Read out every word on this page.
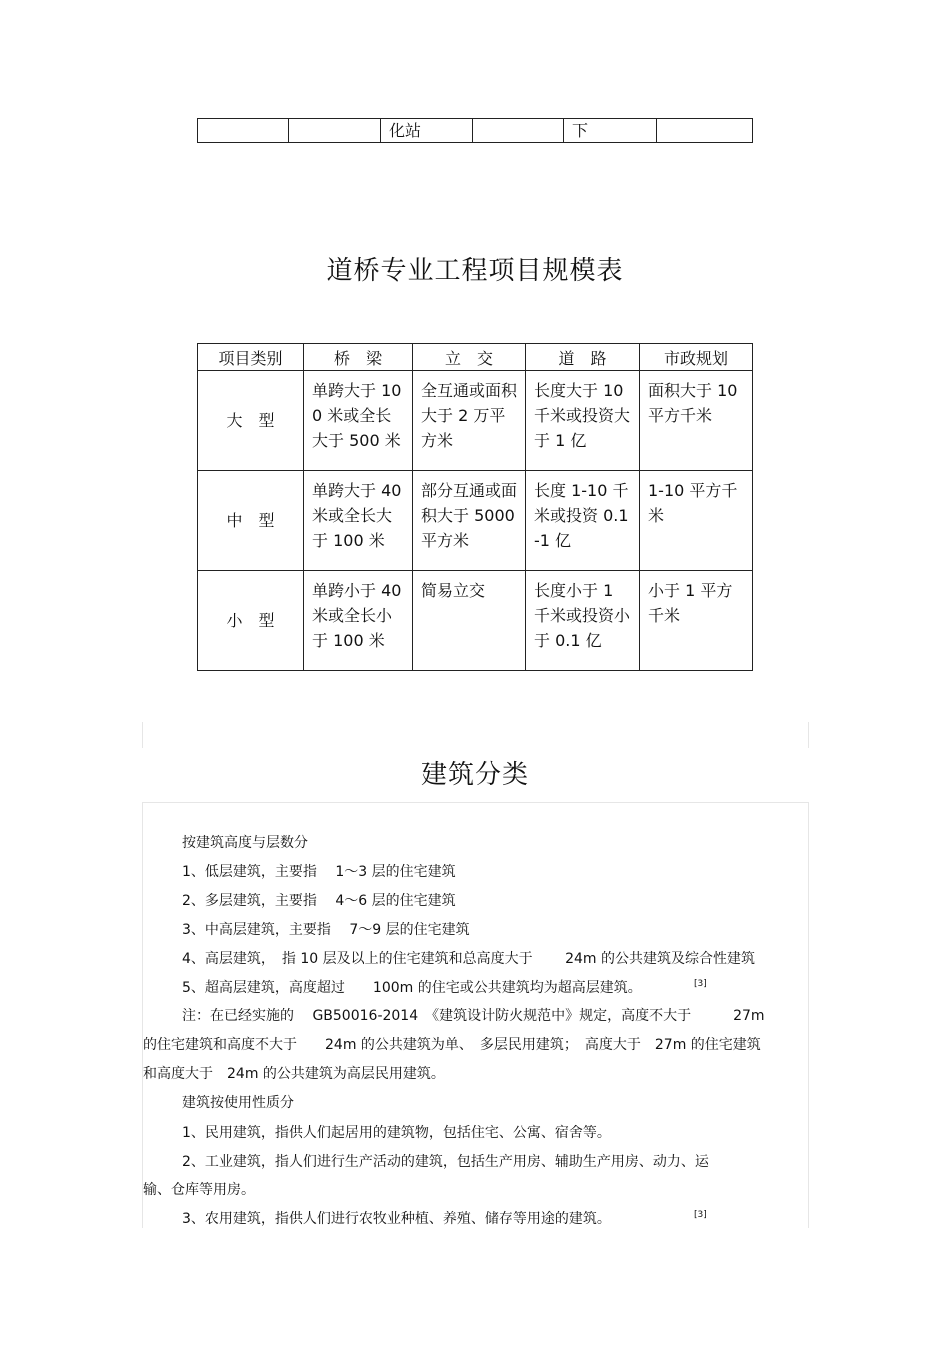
		化站		下	
道桥专业工程项目规模表
项目类别	桥　梁	立　交	道　路	市政规划
大　型	单跨大于 100 米或全长大于 500 米	全互通或面积大于 2 万平方米	长度大于 10 千米或投资大于 1 亿	面积大于 10 平方千米
中　型	单跨大于 40 米或全长大于 100 米	部分互通或面积大于 5000 平方米	长度 1-10 千米或投资 0.1-1 亿	1-10 平方千米
小　型	单跨小于 40 米或全长小于 100 米	简易立交	长度小于 1 千米或投资小于 0.1 亿	小于 1 平方千米
建筑分类
按建筑高度与层数分
1、低层建筑，主要指　 1～3 层的住宅建筑
2、多层建筑，主要指　 4～6 层的住宅建筑
3、中高层建筑，主要指　 7～9 层的住宅建筑
4、高层建筑，　指 10 层及以上的住宅建筑和总高度大于　　 24m 的公共建筑及综合性建筑
5、超高层建筑，高度超过　　100m 的住宅或公共建筑均为超高层建筑。	[3]
注：在已经实施的　 GB50016-2014　《建筑设计防火规范中》规定，高度不大于　　　27m
的住宅建筑和高度不大于　　24m 的公共建筑为单、　多层民用建筑；　高度大于　27m 的住宅建筑
和高度大于　24m 的公共建筑为高层民用建筑。
建筑按使用性质分
1、民用建筑，指供人们起居用的建筑物，包括住宅、公寓、宿舍等。
2、工业建筑，指人们进行生产活动的建筑，包括生产用房、辅助生产用房、动力、运
输、仓库等用房。
3、农用建筑，指供人们进行农牧业种植、养殖、储存等用途的建筑。	[3]
